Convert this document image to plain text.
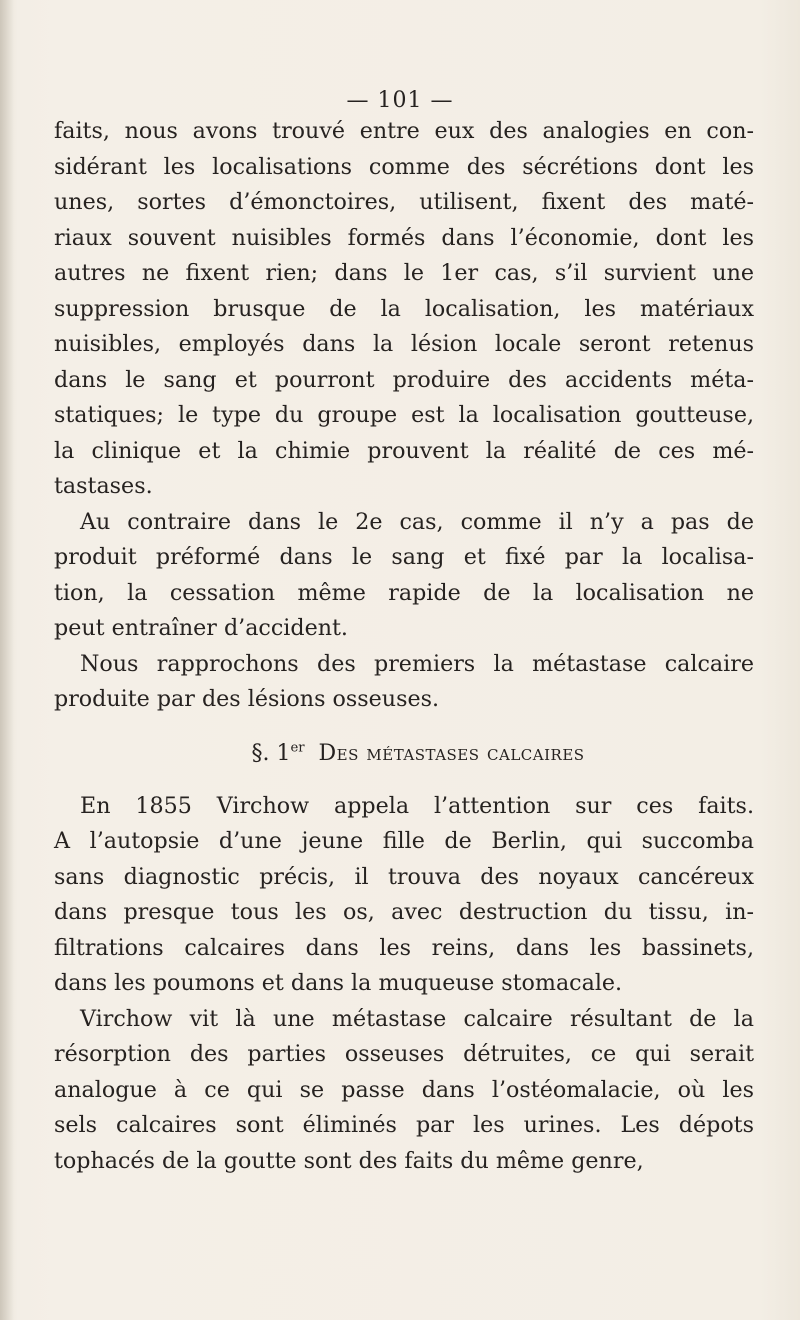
— 101 —
faits, nous avons trouvé entre eux des analogies en con-
sidérant les localisations comme des sécrétions dont les
unes, sortes d’émonctoires, utilisent, fixent des maté-
riaux souvent nuisibles formés dans l’économie, dont les
autres ne fixent rien; dans le 1er cas, s’il survient une
suppression brusque de la localisation, les matériaux
nuisibles, employés dans la lésion locale seront retenus
dans le sang et pourront produire des accidents méta-
statiques; le type du groupe est la localisation goutteuse,
la clinique et la chimie prouvent la réalité de ces mé-
tastases.
Au contraire dans le 2e cas, comme il n’y a pas de
produit préformé dans le sang et fixé par la localisa-
tion, la cessation même rapide de la localisation ne
peut entraîner d’accident.
Nous rapprochons des premiers la métastase calcaire
produite par des lésions osseuses.
§. 1er Des métastases calcaires
En 1855 Virchow appela l’attention sur ces faits.
A l’autopsie d’une jeune fille de Berlin, qui succomba
sans diagnostic précis, il trouva des noyaux cancéreux
dans presque tous les os, avec destruction du tissu, in-
filtrations calcaires dans les reins, dans les bassinets,
dans les poumons et dans la muqueuse stomacale.
Virchow vit là une métastase calcaire résultant de la
résorption des parties osseuses détruites, ce qui serait
analogue à ce qui se passe dans l’ostéomalacie, où les
sels calcaires sont éliminés par les urines. Les dépots
tophacés de la goutte sont des faits du même genre,
